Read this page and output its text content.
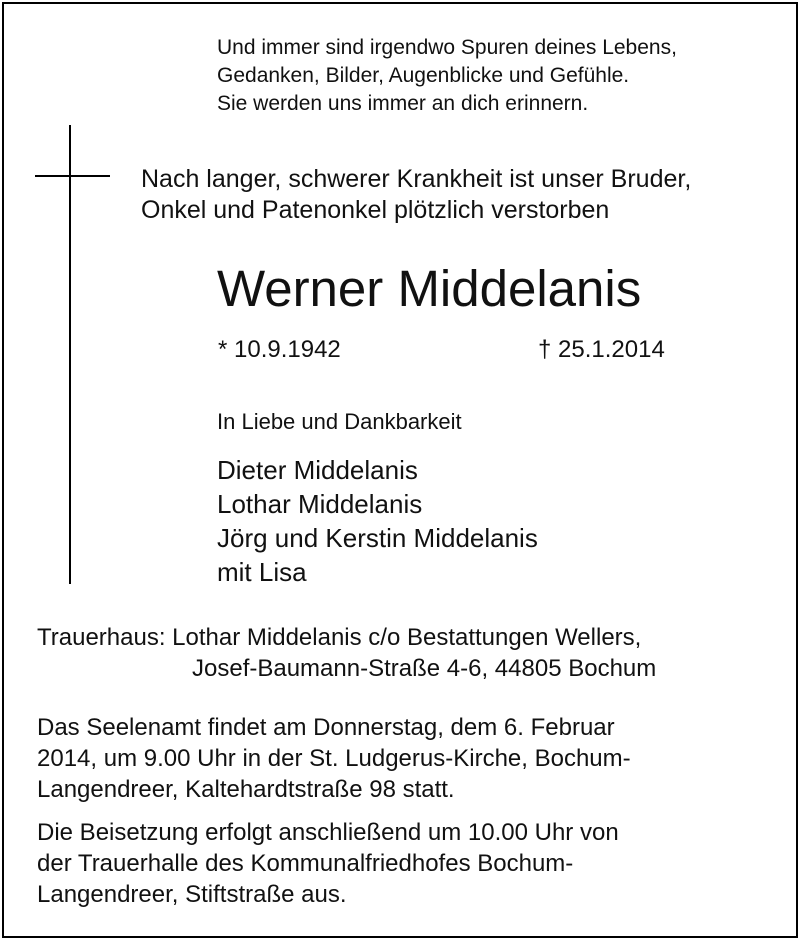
Und immer sind irgendwo Spuren deines Lebens,
Gedanken, Bilder, Augenblicke und Gefühle.
Sie werden uns immer an dich erinnern.
Nach langer, schwerer Krankheit ist unser Bruder,
Onkel und Patenonkel plötzlich verstorben
Werner Middelanis
* 10.9.1942	† 25.1.2014
In Liebe und Dankbarkeit
Dieter Middelanis
Lothar Middelanis
Jörg und Kerstin Middelanis
mit Lisa
Trauerhaus: Lothar Middelanis c/o Bestattungen Wellers,
Josef-Baumann-Straße 4-6, 44805 Bochum
Das Seelenamt findet am Donnerstag, dem 6. Februar
2014, um 9.00 Uhr in der St. Ludgerus-Kirche, Bochum-
Langendreer, Kaltehardtstraße 98 statt.
Die Beisetzung erfolgt anschließend um 10.00 Uhr von
der Trauerhalle des Kommunalfriedhofes Bochum-
Langendreer, Stiftstraße aus.
